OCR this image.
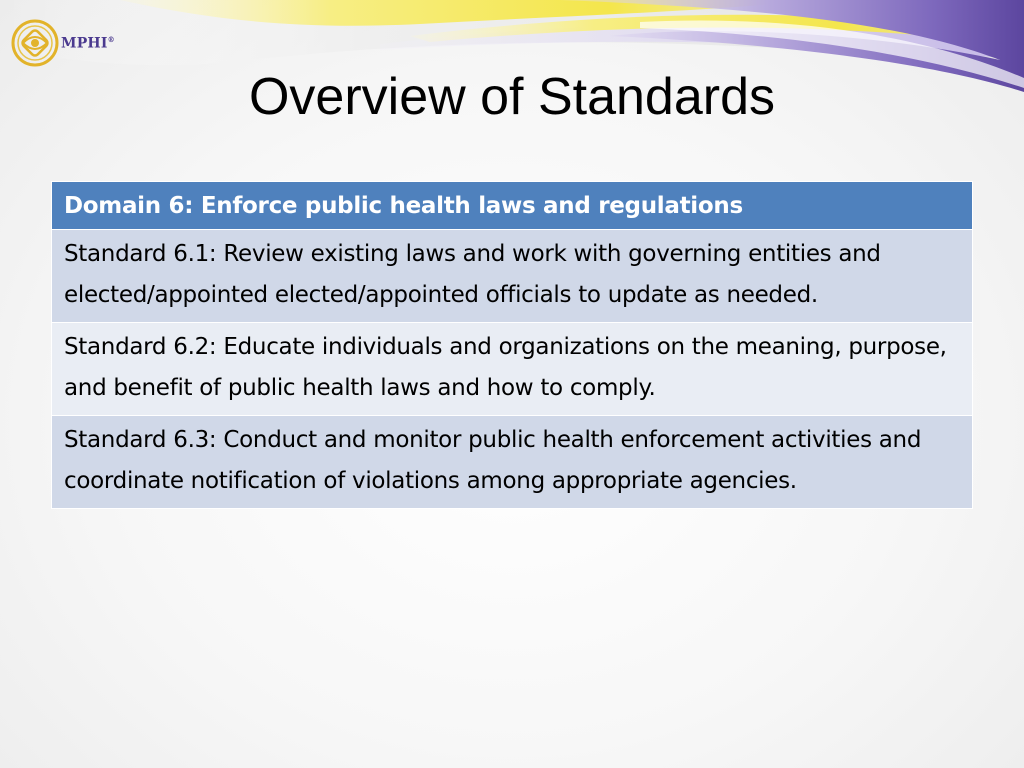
MPHI®
Overview of Standards
Domain 6: Enforce public health laws and regulations
Standard 6.1: Review existing laws and work with governing entities and elected/appointed elected/appointed officials to update as needed.
Standard 6.2: Educate individuals and organizations on the meaning, purpose, and benefit of public health laws and how to comply.
Standard 6.3: Conduct and monitor public health enforcement activities and coordinate notification of violations among appropriate agencies.
